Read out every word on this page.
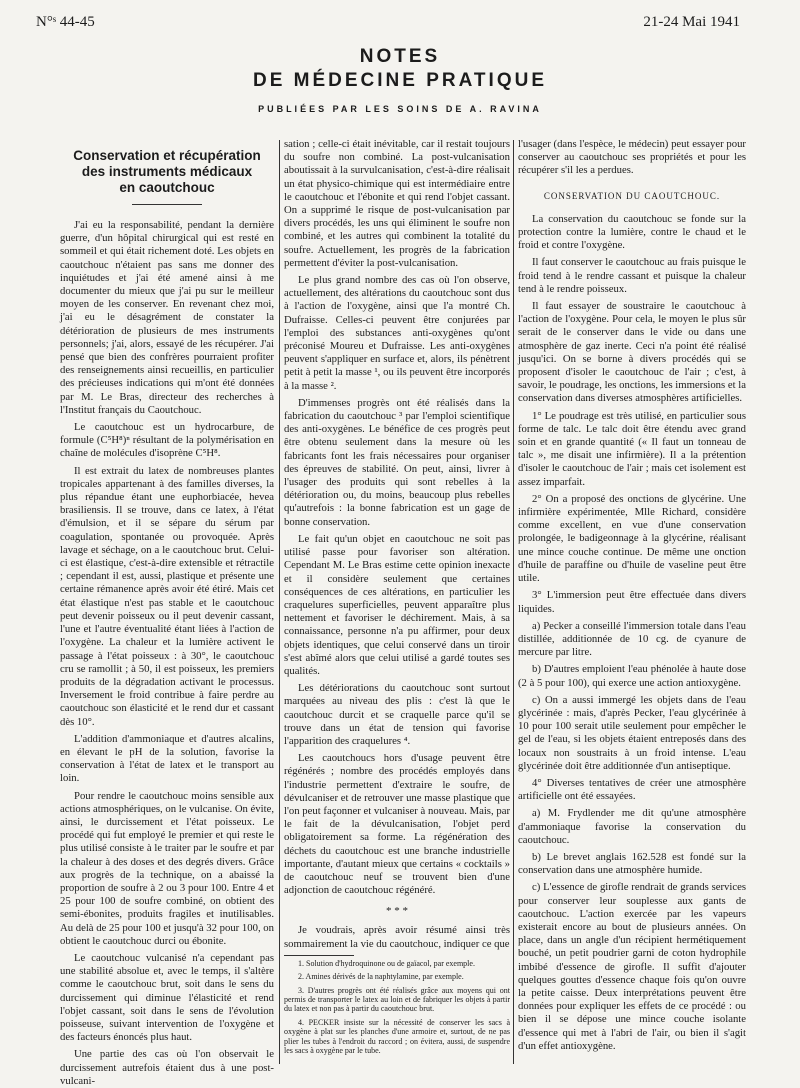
N°ˢ 44-45	21-24 Mai 1941
NOTES
DE MÉDECINE PRATIQUE
PUBLIÉES PAR LES SOINS DE A. RAVINA
Conservation et récupération
des instruments médicaux
en caoutchouc

J'ai eu la responsabilité, pendant la dernière guerre, d'un hôpital chirurgical qui est resté en sommeil et qui était richement doté. Les objets en caoutchouc n'étaient pas sans me donner des inquiétudes et j'ai été amené ainsi à me documenter du mieux que j'ai pu sur le meilleur moyen de les conserver. En revenant chez moi, j'ai eu le désagrément de constater la détérioration de plusieurs de mes instruments personnels; j'ai, alors, essayé de les récupérer. J'ai pensé que bien des confrères pourraient profiter des renseignements ainsi recueillis, en particulier des précieuses indications qui m'ont été données par M. Le Bras, directeur des recherches à l'Institut français du Caoutchouc.

Le caoutchouc est un hydrocarbure, de formule (C⁵H⁸)ⁿ résultant de la polymérisation en chaîne de molécules d'isoprène C⁵H⁸.

Il est extrait du latex de nombreuses plantes tropicales appartenant à des familles diverses, la plus répandue étant une euphorbiacée, hevea brasiliensis. Il se trouve, dans ce latex, à l'état d'émulsion, et il se sépare du sérum par coagulation, spontanée ou provoquée. Après lavage et séchage, on a le caoutchouc brut. Celui-ci est élastique, c'est-à-dire extensible et rétractile ; cependant il est, aussi, plastique et présente une certaine rémanence après avoir été étiré. Mais cet état élastique n'est pas stable et le caoutchouc peut devenir poisseux ou il peut devenir cassant, l'une et l'autre éventualité étant liées à l'action de l'oxygène. La chaleur et la lumière activent le passage à l'état poisseux : à 30°, le caoutchouc cru se ramollit ; à 50, il est poisseux, les premiers produits de la dégradation activant le processus. Inversement le froid contribue à faire perdre au caoutchouc son élasticité et le rend dur et cassant dès 10°.

L'addition d'ammoniaque et d'autres alcalins, en élevant le pH de la solution, favorise la conservation à l'état de latex et le transport au loin.

Pour rendre le caoutchouc moins sensible aux actions atmosphériques, on le vulcanise. On évite, ainsi, le durcissement et l'état poisseux. Le procédé qui fut employé le premier et qui reste le plus utilisé consiste à le traiter par le soufre et par la chaleur à des doses et des degrés divers. Grâce aux progrès de la technique, on a abaissé la proportion de soufre à 2 ou 3 pour 100. Entre 4 et 25 pour 100 de soufre combiné, on obtient des semi-ébonites, produits fragiles et inutilisables. Au delà de 25 pour 100 et jusqu'à 32 pour 100, on obtient le caoutchouc durci ou ébonite.

Le caoutchouc vulcanisé n'a cependant pas une stabilité absolue et, avec le temps, il s'altère comme le caoutchouc brut, soit dans le sens du durcissement qui diminue l'élasticité et rend l'objet cassant, soit dans le sens de l'évolution poisseuse, suivant intervention de l'oxygène et des facteurs énoncés plus haut.

Une partie des cas où l'on observait le durcissement autrefois étaient dus à une post-vulcani-

sation ; celle-ci était inévitable, car il restait toujours du soufre non combiné. La post-vulcanisation aboutissait à la survulcanisation, c'est-à-dire réalisait un état physico-chimique qui est intermédiaire entre le caoutchouc et l'ébonite et qui rend l'objet cassant. On a supprimé le risque de post-vulcanisation par divers procédés, les uns qui éliminent le soufre non combiné, et les autres qui combinent la totalité du soufre. Actuellement, les progrès de la fabrication permettent d'éviter la post-vulcanisation.

Le plus grand nombre des cas où l'on observe, actuellement, des altérations du caoutchouc sont dus à l'action de l'oxygène, ainsi que l'a montré Ch. Dufraisse. Celles-ci peuvent être conjurées par l'emploi des substances anti-oxygènes qu'ont préconisé Moureu et Dufraisse. Les anti-oxygènes peuvent s'appliquer en surface et, alors, ils pénètrent petit à petit la masse ¹, ou ils peuvent être incorporés à la masse ².

D'immenses progrès ont été réalisés dans la fabrication du caoutchouc ³ par l'emploi scientifique des anti-oxygènes. Le bénéfice de ces progrès peut être obtenu seulement dans la mesure où les fabricants font les frais nécessaires pour organiser des épreuves de stabilité. On peut, ainsi, livrer à l'usager des produits qui sont rebelles à la détérioration ou, du moins, beaucoup plus rebelles qu'autrefois : la bonne fabrication est un gage de bonne conservation.

Le fait qu'un objet en caoutchouc ne soit pas utilisé passe pour favoriser son altération. Cependant M. Le Bras estime cette opinion inexacte et il considère seulement que certaines conséquences de ces altérations, en particulier les craquelures superficielles, peuvent apparaître plus nettement et favoriser le déchirement. Mais, à sa connaissance, personne n'a pu affirmer, pour deux objets identiques, que celui conservé dans un tiroir s'est abîmé alors que celui utilisé a gardé toutes ses qualités.

Les détériorations du caoutchouc sont surtout marquées au niveau des plis : c'est là que le caoutchouc durcit et se craquelle parce qu'il se trouve dans un état de tension qui favorise l'apparition des craquelures ⁴.

Les caoutchoucs hors d'usage peuvent être régénérés ; nombre des procédés employés dans l'industrie permettent d'extraire le soufre, de dévulcaniser et de retrouver une masse plastique que l'on peut façonner et vulcaniser à nouveau. Mais, par le fait de la dévulcanisation, l'objet perd obligatoirement sa forme. La régénération des déchets du caoutchouc est une branche industrielle importante, d'autant mieux que certains « cocktails » de caoutchouc neuf se trouvent bien d'une adjonction de caoutchouc régénéré.

* * *

Je voudrais, après avoir résumé ainsi très sommairement la vie du caoutchouc, indiquer ce que

1. Solution d'hydroquinone ou de gaïacol, par exemple.

2. Amines dérivés de la naphtylamine, par exemple.

3. D'autres progrès ont été réalisés grâce aux moyens qui ont permis de transporter le latex au loin et de fabriquer les objets à partir du latex et non pas à partir du caoutchouc brut.

4. PECKER insiste sur la nécessité de conserver les sacs à oxygène à plat sur les planches d'une armoire et, surtout, de ne pas plier les tubes à l'endroit du raccord ; on évitera, aussi, de suspendre les sacs à oxygène par le tube.

l'usager (dans l'espèce, le médecin) peut essayer pour conserver au caoutchouc ses propriétés et pour les récupérer s'il les a perdues.

CONSERVATION DU CAOUTCHOUC.

La conservation du caoutchouc se fonde sur la protection contre la lumière, contre le chaud et le froid et contre l'oxygène.

Il faut conserver le caoutchouc au frais puisque le froid tend à le rendre cassant et puisque la chaleur tend à le rendre poisseux.

Il faut essayer de soustraire le caoutchouc à l'action de l'oxygène. Pour cela, le moyen le plus sûr serait de le conserver dans le vide ou dans une atmosphère de gaz inerte. Ceci n'a point été réalisé jusqu'ici. On se borne à divers procédés qui se proposent d'isoler le caoutchouc de l'air ; c'est, à savoir, le poudrage, les onctions, les immersions et la conservation dans diverses atmosphères artificielles.

1° Le poudrage est très utilisé, en particulier sous forme de talc. Le talc doit être étendu avec grand soin et en grande quantité (« Il faut un tonneau de talc », me disait une infirmière). Il a la prétention d'isoler le caoutchouc de l'air ; mais cet isolement est assez imparfait.

2° On a proposé des onctions de glycérine. Une infirmière expérimentée, Mlle Richard, considère comme excellent, en vue d'une conservation prolongée, le badigeonnage à la glycérine, réalisant une mince couche continue. De même une onction d'huile de paraffine ou d'huile de vaseline peut être utile.

3° L'immersion peut être effectuée dans divers liquides.

a) Pecker a conseillé l'immersion totale dans l'eau distillée, additionnée de 10 cg. de cyanure de mercure par litre.

b) D'autres emploient l'eau phénolée à haute dose (2 à 5 pour 100), qui exerce une action antioxygène.

c) On a aussi immergé les objets dans de l'eau glycérinée : mais, d'après Pecker, l'eau glycérinée à 10 pour 100 serait utile seulement pour empêcher le gel de l'eau, si les objets étaient entreposés dans des locaux non soustraits à un froid intense. L'eau glycérinée doit être additionnée d'un antiseptique.

4° Diverses tentatives de créer une atmosphère artificielle ont été essayées.

a) M. Frydlender me dit qu'une atmosphère d'ammoniaque favorise la conservation du caoutchouc.

b) Le brevet anglais 162.528 est fondé sur la conservation dans une atmosphère humide.

c) L'essence de girofle rendrait de grands services pour conserver leur souplesse aux gants de caoutchouc. L'action exercée par les vapeurs existerait encore au bout de plusieurs années. On place, dans un angle d'un récipient hermétiquement bouché, un petit poudrier garni de coton hydrophile imbibé d'essence de girofle. Il suffit d'ajouter quelques gouttes d'essence chaque fois qu'on ouvre la petite caisse. Deux interprétations peuvent être données pour expliquer les effets de ce procédé : ou bien il se dépose une mince couche isolante d'essence qui met à l'abri de l'air, ou bien il s'agit d'un effet antioxygène.
